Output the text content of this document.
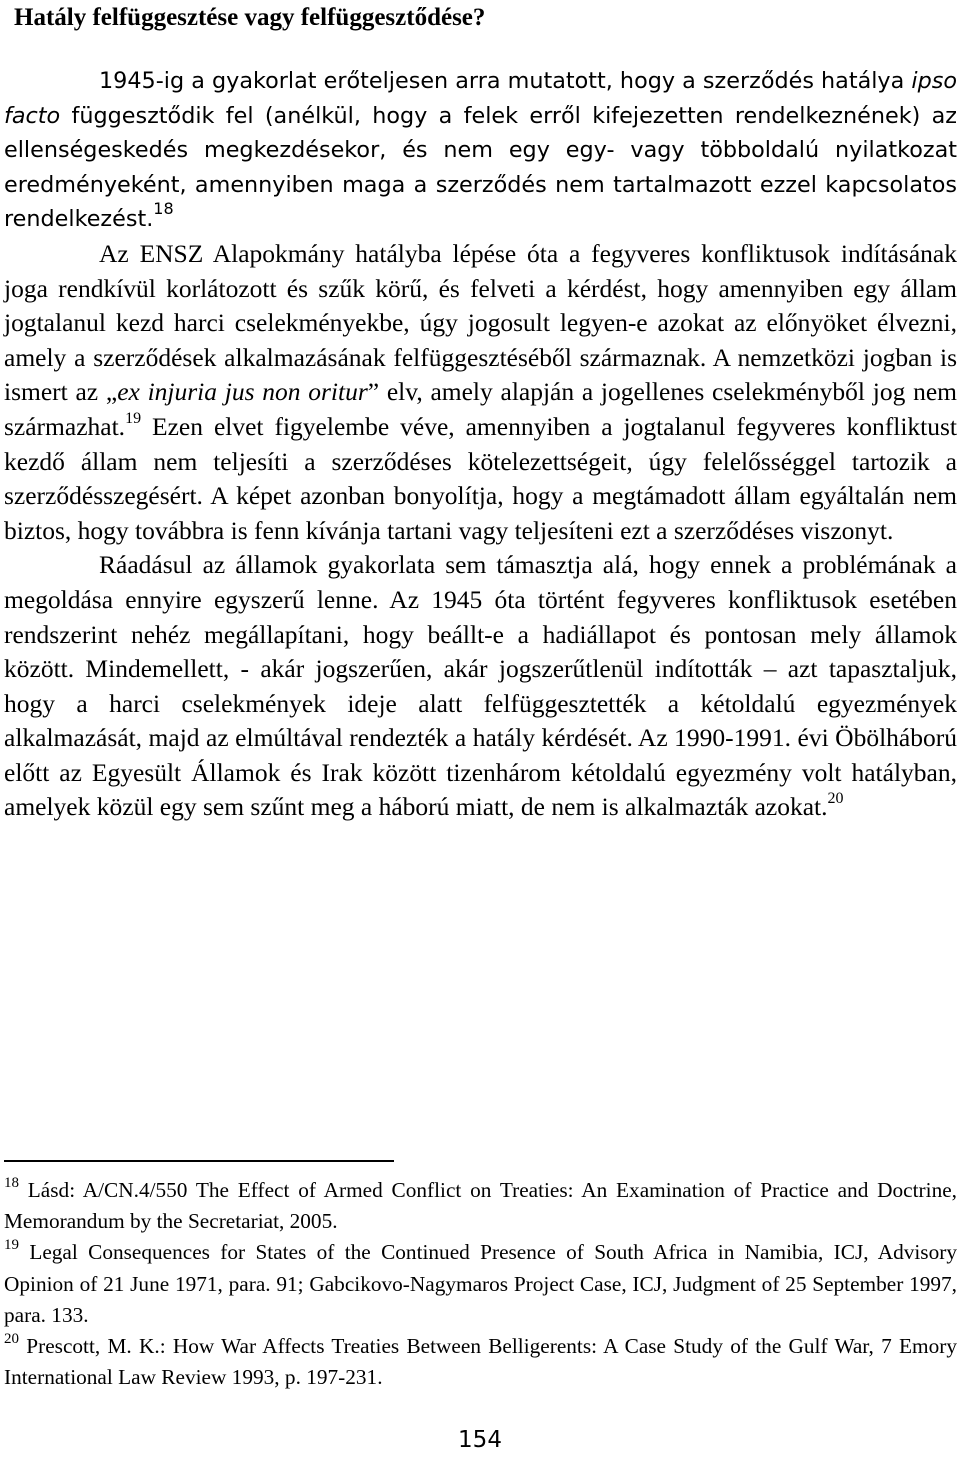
Hatály felfüggesztése vagy felfüggesztődése?

1945-ig a gyakorlat erőteljesen arra mutatott, hogy a szerződés hatálya ipso facto függesztődik fel (anélkül, hogy a felek erről kifejezetten rendelkeznének) az ellenségeskedés megkezdésekor, és nem egy egy- vagy többoldalú nyilatkozat eredményeként, amennyiben maga a szerződés nem tartalmazott ezzel kapcsolatos rendelkezést.$^{18}$

Az ENSZ Alapokmány hatályba lépése óta a fegyveres konfliktusok indításának joga rendkívül korlátozott és szűk körű, és felveti a kérdést, hogy amennyiben egy állam jogtalanul kezd harci cselekményekbe, úgy jogosult legyen-e azokat az előnyöket élvezni, amely a szerződések alkalmazásának felfüggesztéséből származnak. A nemzetközi jogban is ismert az „ex injuria jus non oritur” elv, amely alapján a jogellenes cselekményből jog nem származhat.$^{19}$ Ezen elvet figyelembe véve, amennyiben a jogtalanul fegyveres konfliktust kezdő állam nem teljesíti a szerződéses kötelezettségeit, úgy felelősséggel tartozik a szerződésszegésért. A képet azonban bonyolítja, hogy a megtámadott állam egyáltalán nem biztos, hogy továbbra is fenn kívánja tartani vagy teljesíteni ezt a szerződéses viszonyt.

Ráadásul az államok gyakorlata sem támasztja alá, hogy ennek a problémának a megoldása ennyire egyszerű lenne. Az 1945 óta történt fegyveres konfliktusok esetében rendszerint nehéz megállapítani, hogy beállt-e a hadiállapot és pontosan mely államok között. Mindemellett, - akár jogszerűen, akár jogszerűtlenül indították – azt tapasztaljuk, hogy a harci cselekmények ideje alatt felfüggesztették a kétoldalú egyezmények alkalmazását, majd az elmúltával rendezték a hatály kérdését. Az 1990-1991. évi Öbölháború előtt az Egyesült Államok és Irak között tizenhárom kétoldalú egyezmény volt hatályban, amelyek közül egy sem szűnt meg a háború miatt, de nem is alkalmazták azokat.$^{20}$

$^{18}$ Lásd: A/CN.4/550 The Effect of Armed Conflict on Treaties: An Examination of Practice and Doctrine, Memorandum by the Secretariat, 2005.

$^{19}$ Legal Consequences for States of the Continued Presence of South Africa in Namibia, ICJ, Advisory Opinion of 21 June 1971, para. 91; Gabcikovo-Nagymaros Project Case, ICJ, Judgment of 25 September 1997, para. 133.

$^{20}$ Prescott, M. K.: How War Affects Treaties Between Belligerents: A Case Study of the Gulf War, 7 Emory International Law Review 1993, p. 197-231.

154
